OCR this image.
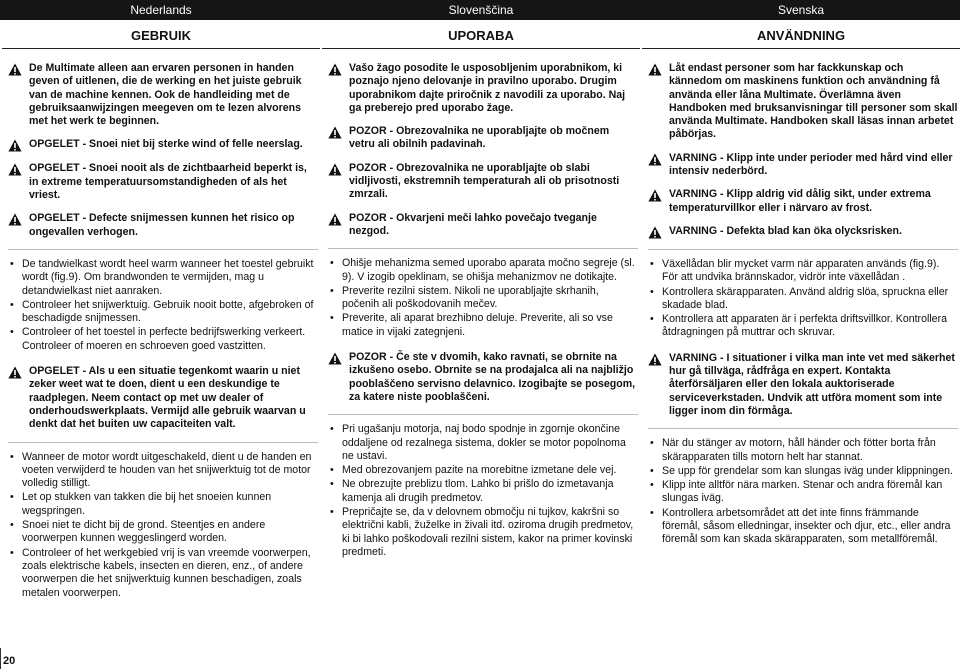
Nederlands	Slovenščina	Svenska
GEBRUIK	UPORABA	ANVÄNDNING

De Multimate alleen aan ervaren personen in handen geven of uitlenen, die de werking en het juiste gebruik van de machine kennen. Ook de handleiding met de gebruiksaanwijzingen meegeven om te lezen alvorens met het werk te beginnen.

OPGELET - Snoei niet bij sterke wind of felle neerslag.

OPGELET - Snoei nooit als de zichtbaarheid beperkt is, in extreme temperatuursomstandigheden of als het vriest.

OPGELET - Defecte snijmessen kunnen het risico op ongevallen verhogen.

• De tandwielkast wordt heel warm wanneer het toestel gebruikt wordt (fig.9). Om brandwonden te vermijden, mag u detandwielkast niet aanraken.
• Controleer het snijwerktuig. Gebruik nooit botte, afgebroken of beschadigde snijmessen.
• Controleer of het toestel in perfecte bedrijfswerking verkeert. Controleer of moeren en schroeven goed vastzitten.

OPGELET - Als u een situatie tegenkomt waarin u niet zeker weet wat te doen, dient u een deskundige te raadplegen. Neem contact op met uw dealer of onderhoudswerkplaats. Vermijd alle gebruik waarvan u denkt dat het buiten uw capaciteiten valt.

• Wanneer de motor wordt uitgeschakeld, dient u de handen en voeten verwijderd te houden van het snijwerktuig tot de motor volledig stilligt.
• Let op stukken van takken die bij het snoeien kunnen wegspringen.
• Snoei niet te dicht bij de grond. Steentjes en andere voorwerpen kunnen weggeslingerd worden.
• Controleer of het werkgebied vrij is van vreemde voorwerpen, zoals elektrische kabels, insecten en dieren, enz., of andere voorwerpen die het snijwerktuig kunnen beschadigen, zoals metalen voorwerpen.

Vašo žago posodite le usposobljenim uporabnikom, ki poznajo njeno delovanje in pravilno uporabo. Drugim uporabnikom dajte priročnik z navodili za uporabo. Naj ga preberejo pred uporabo žage.

POZOR - Obrezovalnika ne uporabljajte ob močnem vetru ali obilnih padavinah.

POZOR - Obrezovalnika ne uporabljajte ob slabi vidljivosti, ekstremnih temperaturah ali ob prisotnosti zmrzali.

POZOR - Okvarjeni meči lahko povečajo tveganje nezgod.

• Ohišje mehanizma semed uporabo aparata močno segreje (sl. 9). V izogib opeklinam, se ohišja mehanizmov ne dotikajte.
• Preverite rezilni sistem. Nikoli ne uporabljajte skrhanih, počenih ali poškodovanih mečev.
• Preverite, ali aparat brezhibno deluje. Preverite, ali so vse matice in vijaki zategnjeni.

POZOR - Če ste v dvomih, kako ravnati, se obrnite na izkušeno osebo. Obrnite se na prodajalca ali na najbližjo pooblaščeno servisno delavnico. Izogibajte se posegom, za katere niste pooblaščeni.

• Pri ugašanju motorja, naj bodo spodnje in zgornje okončine oddaljene od rezalnega sistema, dokler se motor popolnoma ne ustavi.
• Med obrezovanjem pazite na morebitne izmetane dele vej.
• Ne obrezujte preblizu tlom. Lahko bi prišlo do izmetavanja kamenja ali drugih predmetov.
• Prepričajte se, da v delovnem območju ni tujkov, kakršni so električni kabli, žuželke in živali itd. oziroma drugih predmetov, ki bi lahko poškodovali rezilni sistem, kakor na primer kovinski predmeti.

Låt endast personer som har fackkunskap och kännedom om maskinens funktion och användning få använda eller låna Multimate. Överlämna även Handboken med bruksanvisningar till personer som skall använda Multimate. Handboken skall läsas innan arbetet påbörjas.

VARNING - Klipp inte under perioder med hård vind eller intensiv nederbörd.

VARNING - Klipp aldrig vid dålig sikt, under extrema temperaturvillkor eller i närvaro av frost.

VARNING - Defekta blad kan öka olycksrisken.

• Växellådan blir mycket varm när apparaten används (fig.9). För att undvika brännskador, vidrör inte växellådan .
• Kontrollera skärapparaten. Använd aldrig slöa, spruckna eller skadade blad.
• Kontrollera att apparaten är i perfekta driftsvillkor. Kontrollera åtdragningen på muttrar och skruvar.

VARNING - I situationer i vilka man inte vet med säkerhet hur gå tillväga, rådfråga en expert. Kontakta återförsäljaren eller den lokala auktoriserade serviceverkstaden. Undvik att utföra moment som inte ligger inom din förmåga.

• När du stänger av motorn, håll händer och fötter borta från skärapparaten tills motorn helt har stannat.
• Se upp för grendelar som kan slungas iväg under klippningen.
• Klipp inte alltför nära marken. Stenar och andra föremål kan slungas iväg.
• Kontrollera arbetsområdet att det inte finns främmande föremål, såsom elledningar, insekter och djur, etc., eller andra föremål som kan skada skärapparaten, som metallföremål.
20
